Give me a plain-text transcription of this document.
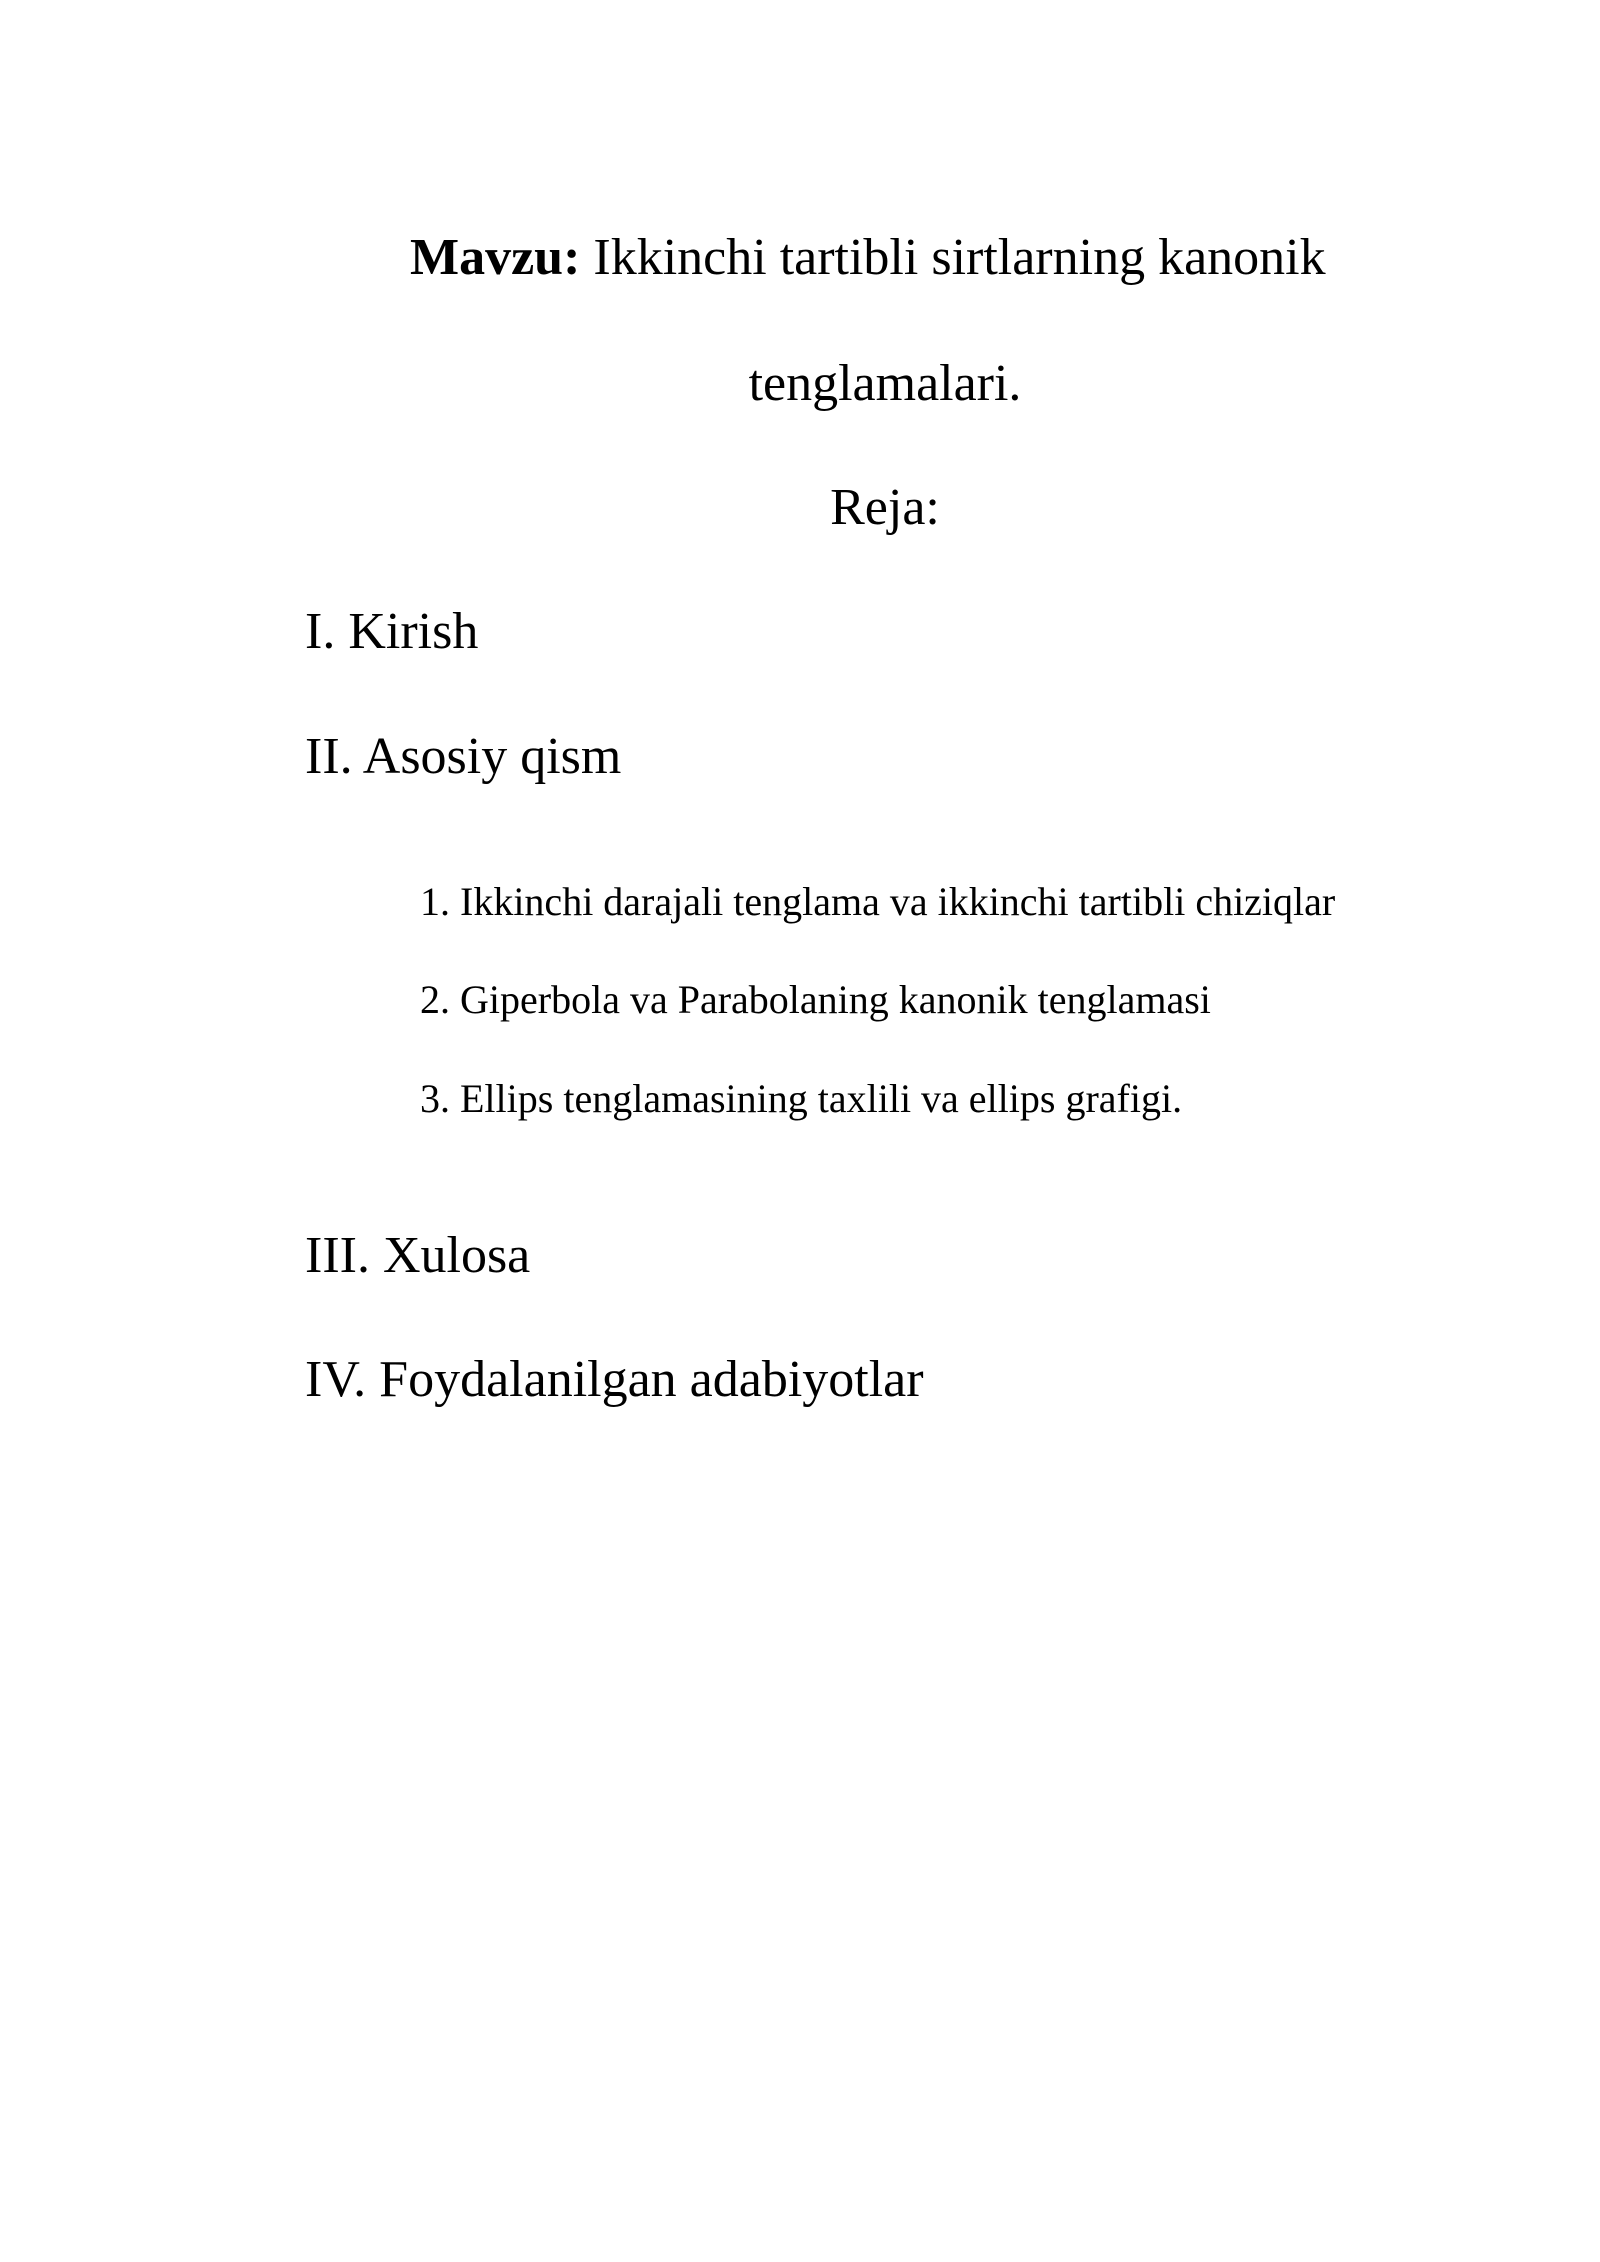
Mavzu: Ikkinchi tartibli sirtlarning kanonik
tenglamalari.
Reja:
I. Kirish
II. Asosiy qism
1. Ikkinchi darajali tenglama va ikkinchi tartibli chiziqlar
2. Giperbola va Parabolaning kanonik tenglamasi
3. Ellips tenglamasining taxlili va ellips grafigi.
III. Xulosa
IV. Foydalanilgan adabiyotlar
